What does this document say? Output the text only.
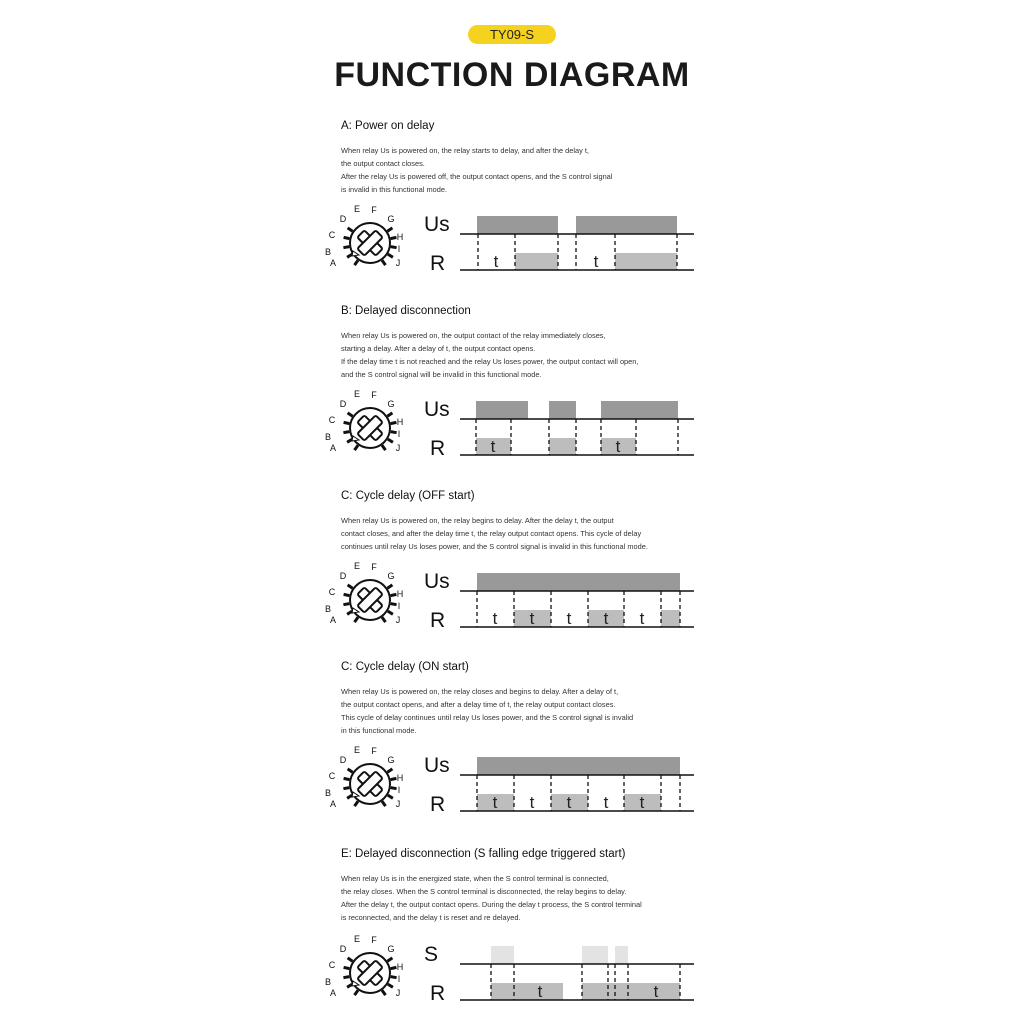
TY09-S
FUNCTION DIAGRAM
A: Power on delay
When relay Us is powered on, the relay starts to delay, and after the delay t,
the output contact closes.
After the relay Us is powered off, the output contact opens, and the S control signal
is invalid in this functional mode.
A
B
C
D
E F
G
H
I
J
Us
R	t	t
B: Delayed disconnection
When relay Us is powered on, the output contact of the relay immediately closes,
starting a delay. After a delay of t, the output contact opens.
If the delay time t is not reached and the relay Us loses power, the output contact will open,
and the S control signal will be invalid in this functional mode.
A
B
C
D
E F
G
H
I
J
Us
R	t	t
C: Cycle delay (OFF start)
When relay Us is powered on, the relay begins to delay. After the delay t, the output
contact closes, and after the delay time t, the relay output contact opens. This cycle of delay
continues until relay Us loses power, and the S control signal is invalid in this functional mode.
A
B
C
D
E F
G
H
I
J
Us
R	t t t t t
C: Cycle delay (ON start)
When relay Us is powered on, the relay closes and begins to delay. After a delay of t,
the output contact opens, and after a delay time of t, the relay output contact closes.
This cycle of delay continues until relay Us loses power, and the S control signal is invalid
in this functional mode.
A
B
C
D
E F
G
H
I
J
Us
R	t t t t t
E: Delayed disconnection (S falling edge triggered start)
When relay Us is in the energized state, when the S control terminal is connected,
the relay closes. When the S control terminal is disconnected, the relay begins to delay.
After the delay t, the output contact opens. During the delay t process, the S control terminal
is reconnected, and the delay t is reset and re delayed.
A
B
C
D
E F
G
H
I
J
S
R	t	t
